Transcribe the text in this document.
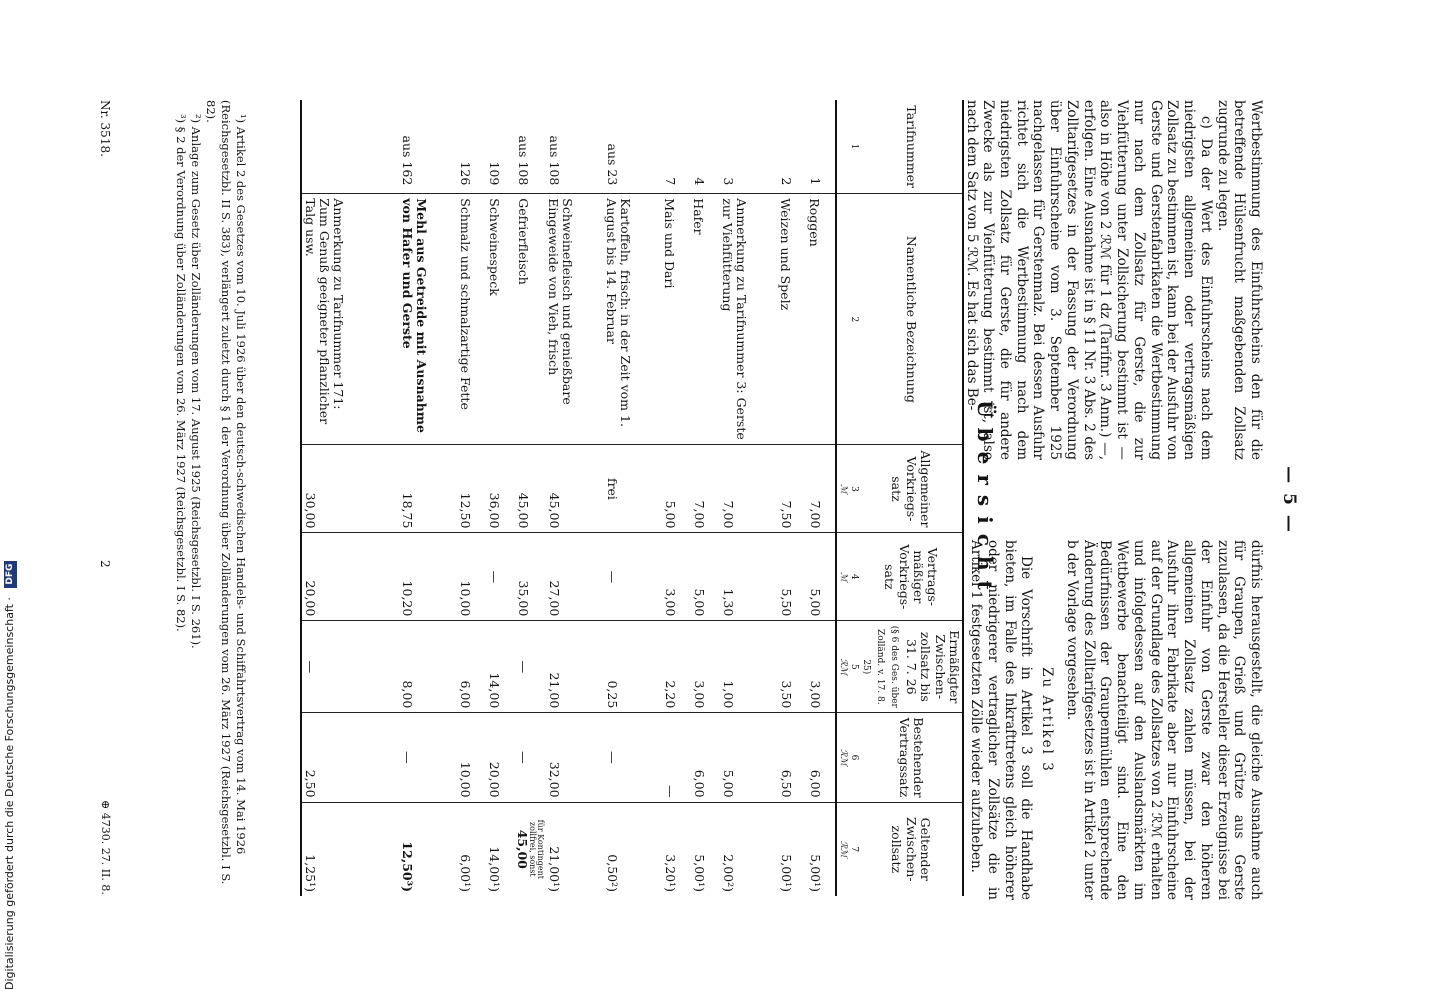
— 5 —

Wertbestimmung des Einfuhrscheins den für die betreffende Hülsenfrucht maßgebenden Zollsatz zugrunde zu legen.

c) Da der Wert des Einfuhrscheins nach dem niedrigsten allgemeinen oder vertragsmäßigen Zollsatz zu bestimmen ist, kann bei der Ausfuhr von Gerste und Gerstenfabrikaten die Wertbestimmung nur nach dem Zollsatz für Gerste, die zur Viehfütterung unter Zollsicherung bestimmt ist — also in Höhe von 2 ℛℳ für 1 dz (Tarifnr. 3 Anm.) —, erfolgen. Eine Ausnahme ist in § 11 Nr. 3 Abs. 2 des Zolltarifgesetzes in der Fassung der Verordnung über Einfuhrscheine vom 3. September 1925 nachgelassen für Gerstenmalz. Bei dessen Ausfuhr richtet sich die Wertbestimmung nach dem niedrigsten Zollsatz für Gerste, die für andere Zwecke als zur Viehfütterung bestimmt ist, also nach dem Satz von 5 ℛℳ. Es hat sich das Be-

dürfnis herausgestellt, die gleiche Ausnahme auch für Graupen, Grieß und Grütze aus Gerste zuzulassen, da die Hersteller dieser Erzeugnisse bei der Einfuhr von Gerste zwar den höheren allgemeinen Zollsatz zahlen müssen, bei der Ausfuhr ihrer Fabrikate aber nur Einfuhrscheine auf der Grundlage des Zollsatzes von 2 ℛℳ erhalten und infolgedessen auf den Auslandsmärkten im Wettbewerbe benachteiligt sind. Eine den Bedürfnissen der Graupenmühlen entsprechende Änderung des Zolltarifgesetzes ist in Artikel 2 unter b der Vorlage vorgesehen.

Zu Artikel 3

Die Vorschrift in Artikel 3 soll die Handhabe bieten, im Falle des Inkrafttretens gleich höherer oder niedrigerer vertraglicher Zollsätze die in Artikel 1 festgesetzten Zölle wieder aufzuheben.

Übersicht
Tarifnummer	Namentliche Bezeichnung	Allgemeiner Vorkriegssatz	Vertragsmäßiger Vorkriegssatz	Ermäßigter Zwischenzollsatz bis 31. 7. 26
(§ 6 des Ges. über Zolländ. v. 17. 8. 25)	Bestehender Vertragssatz	Geltender Zwischenzollsatz
1	2	3	4	5	6	7
		ℳ	ℳ	ℛℳ	ℛℳ	ℛℳ
1	Roggen	7,00	5,00	3,00	6,00	5,00¹)
2	Weizen und Spelz	7,50	5,50	3,50	6,50	5,00¹)
3	Anmerkung zu Tarifnummer 3: Gerste zur Viehfütterung	7,00	1,30	1,00	5,00	2,00²)
4	Hafer	7,00	5,00	3,00	6,00	5,00¹)
7	Mais und Dari	5,00	3,00	2,20	—	3,20¹)
aus 23	Kartoffeln, frisch: in der Zeit vom 1. August bis 14. Februar	frei	—	0,25	—	0,50²)
aus 108	Schweinefleisch und genießbare Eingeweide von Vieh, frisch	45,00	27,00	21,00	32,00	21,00¹)
aus 108	Gefrierfleisch	45,00	35,00	—	—	für Kontingent zollfrei, sonst
45,00

109	Schweinespeck	36,00	—	14,00	20,00	14,00¹)
126	Schmalz und schmalzartige Fette	12,50	10,00	6,00	10,00	6,00¹)
aus 162	Mehl aus Getreide mit Ausnahme von Hafer und Gerste	18,75	10,20	8,00	—	12,50³)
	Anmerkung zu Tarifnummer 171: Zum Genuß geeigneter pflanzlicher Talg usw.	30,00	20,00	—	2,50	1,25¹)

¹) Artikel 2 des Gesetzes vom 10. Juli 1926 über den deutsch-schwedischen Handels- und Schiffahrtsvertrag vom 14. Mai 1926 (Reichsgesetzbl. II S. 383), verlängert zuletzt durch § 1 der Verordnung über Zolländerungen vom 26. März 1927 (Reichsgesetzbl. I S. 82).

²) Anlage zum Gesetz über Zolländerungen vom 17. August 1925 (Reichsgesetzbl. I S. 261).

³) § 2 der Verordnung über Zolländerungen vom 26. März 1927 (Reichsgesetzbl. I S. 82).

Nr. 3518.
2
⊕ 4730. 27. II. 8.
Digitalisierung gefördert durch die Deutsche Forschungsgemeinschaft · DFG
